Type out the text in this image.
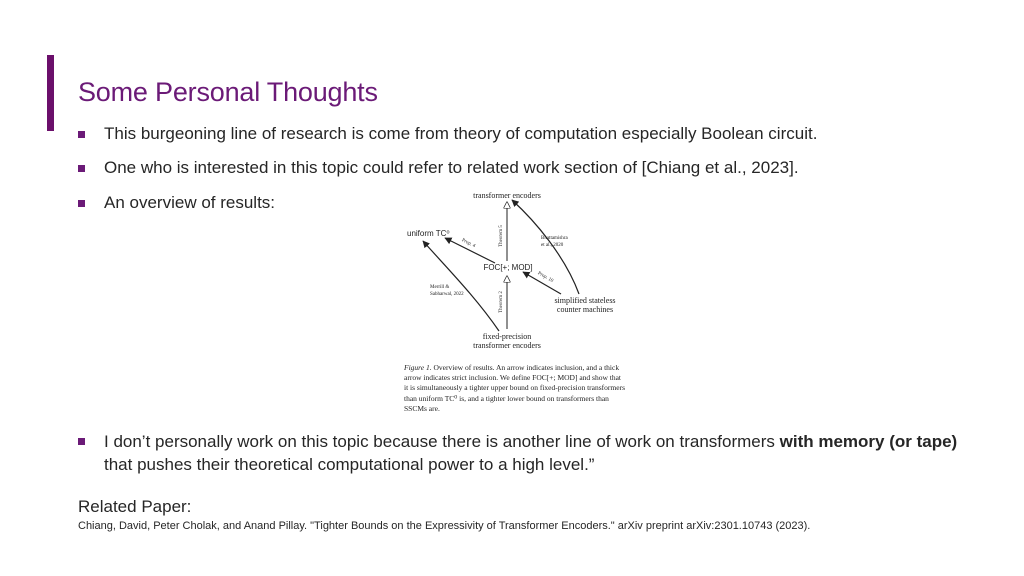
Some Personal Thoughts
This burgeoning line of research is come from theory of computation especially Boolean circuit.
One who is interested in this topic could refer to related work section of [Chiang et al., 2023].
An overview of results:	transformer encoders
uniform TC⁰
FOC[+; MOD]
simplified stateless
counter machines
fixed-precision
transformer encoders
Theorem 5
Theorem 2
Prop. 4
Prop. 10
Bhattamishra
et al., 2020
Merrill &
Sabharwal, 2022
Figure 1. Overview of results. An arrow indicates inclusion, and a thick arrow indicates strict inclusion. We define FOC[+; MOD] and show that it is simultaneously a tighter upper bound on fixed-precision transformers than uniform TC⁰ is, and a tighter lower bound on transformers than SSCMs are.
I don’t personally work on this topic because there is another line of work on transformers with memory (or tape) that pushes their theoretical computational power to a high level.”
Related Paper:
Chiang, David, Peter Cholak, and Anand Pillay. "Tighter Bounds on the Expressivity of Transformer Encoders." arXiv preprint arXiv:2301.10743 (2023).
